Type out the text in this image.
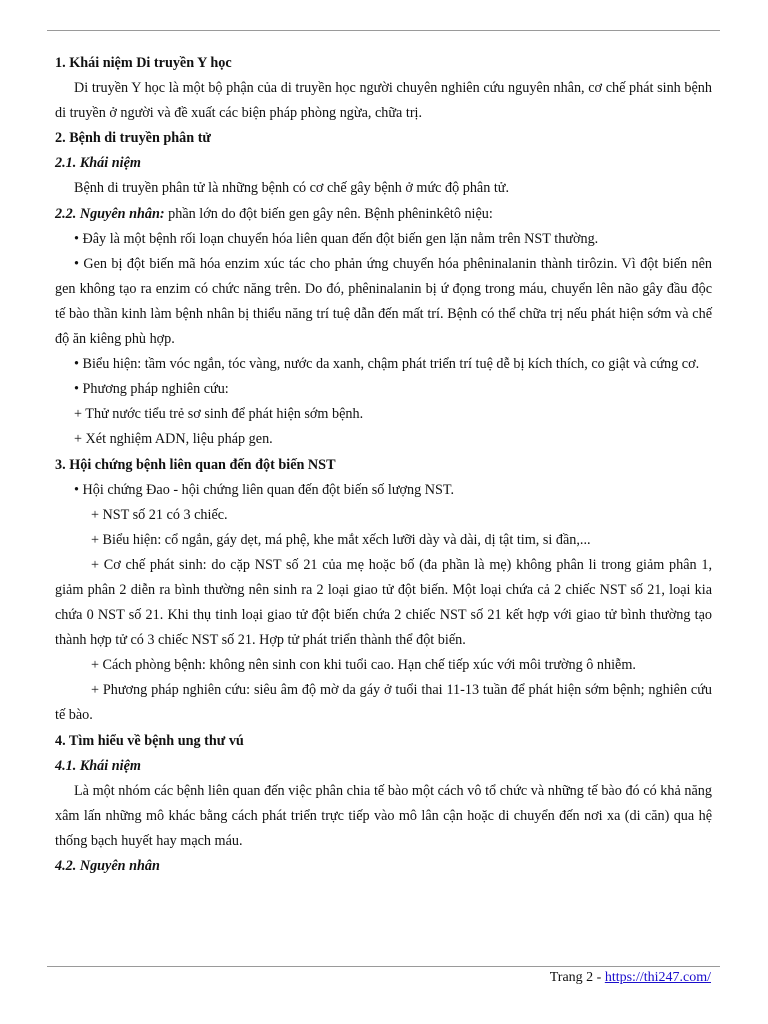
1. Khái niệm Di truyền Y học

Di truyền Y học là một bộ phận của di truyền học người chuyên nghiên cứu nguyên nhân, cơ chế phát sinh bệnh di truyền ở người và đề xuất các biện pháp phòng ngừa, chữa trị.

2. Bệnh di truyền phân tử

2.1. Khái niệm

Bệnh di truyền phân tử là những bệnh có cơ chế gây bệnh ở mức độ phân tử.

2.2. Nguyên nhân: phần lớn do đột biến gen gây nên. Bệnh phêninkêtô niệu:

• Đây là một bệnh rối loạn chuyển hóa liên quan đến đột biến gen lặn nằm trên NST thường.

• Gen bị đột biến mã hóa enzim xúc tác cho phản ứng chuyển hóa phêninalanin thành tirôzin. Vì đột biến nên gen không tạo ra enzim có chức năng trên. Do đó, phêninalanin bị ứ đọng trong máu, chuyển lên não gây đầu độc tế bào thần kinh làm bệnh nhân bị thiểu năng trí tuệ dẫn đến mất trí. Bệnh có thể chữa trị nếu phát hiện sớm và chế độ ăn kiêng phù hợp.

• Biểu hiện: tầm vóc ngắn, tóc vàng, nước da xanh, chậm phát triển trí tuệ dễ bị kích thích, co giật và cứng cơ.

• Phương pháp nghiên cứu:

+ Thử nước tiểu trẻ sơ sinh để phát hiện sớm bệnh.

+ Xét nghiệm ADN, liệu pháp gen.

3. Hội chứng bệnh liên quan đến đột biến NST

• Hội chứng Đao - hội chứng liên quan đến đột biến số lượng NST.

+ NST số 21 có 3 chiếc.

+ Biểu hiện: cổ ngắn, gáy dẹt, má phệ, khe mắt xếch lưỡi dày và dài, dị tật tim, si đần,...

+ Cơ chế phát sinh: do cặp NST số 21 của mẹ hoặc bố (đa phần là mẹ) không phân li trong giảm phân 1, giảm phân 2 diễn ra bình thường nên sinh ra 2 loại giao tử đột biến. Một loại chứa cả 2 chiếc NST số 21, loại kia chứa 0 NST số 21. Khi thụ tinh loại giao tử đột biến chứa 2 chiếc NST số 21 kết hợp với giao tử bình thường tạo thành hợp tử có 3 chiếc NST số 21. Hợp tử phát triển thành thể đột biến.

+ Cách phòng bệnh: không nên sinh con khi tuổi cao. Hạn chế tiếp xúc với môi trường ô nhiễm.

+ Phương pháp nghiên cứu: siêu âm độ mờ da gáy ở tuổi thai 11-13 tuần để phát hiện sớm bệnh; nghiên cứu tế bào.

4. Tìm hiểu về bệnh ung thư vú

4.1. Khái niệm

Là một nhóm các bệnh liên quan đến việc phân chia tế bào một cách vô tổ chức và những tế bào đó có khả năng xâm lấn những mô khác bằng cách phát triển trực tiếp vào mô lân cận hoặc di chuyển đến nơi xa (di căn) qua hệ thống bạch huyết hay mạch máu.

4.2. Nguyên nhân

Trang 2 - https://thi247.com/
